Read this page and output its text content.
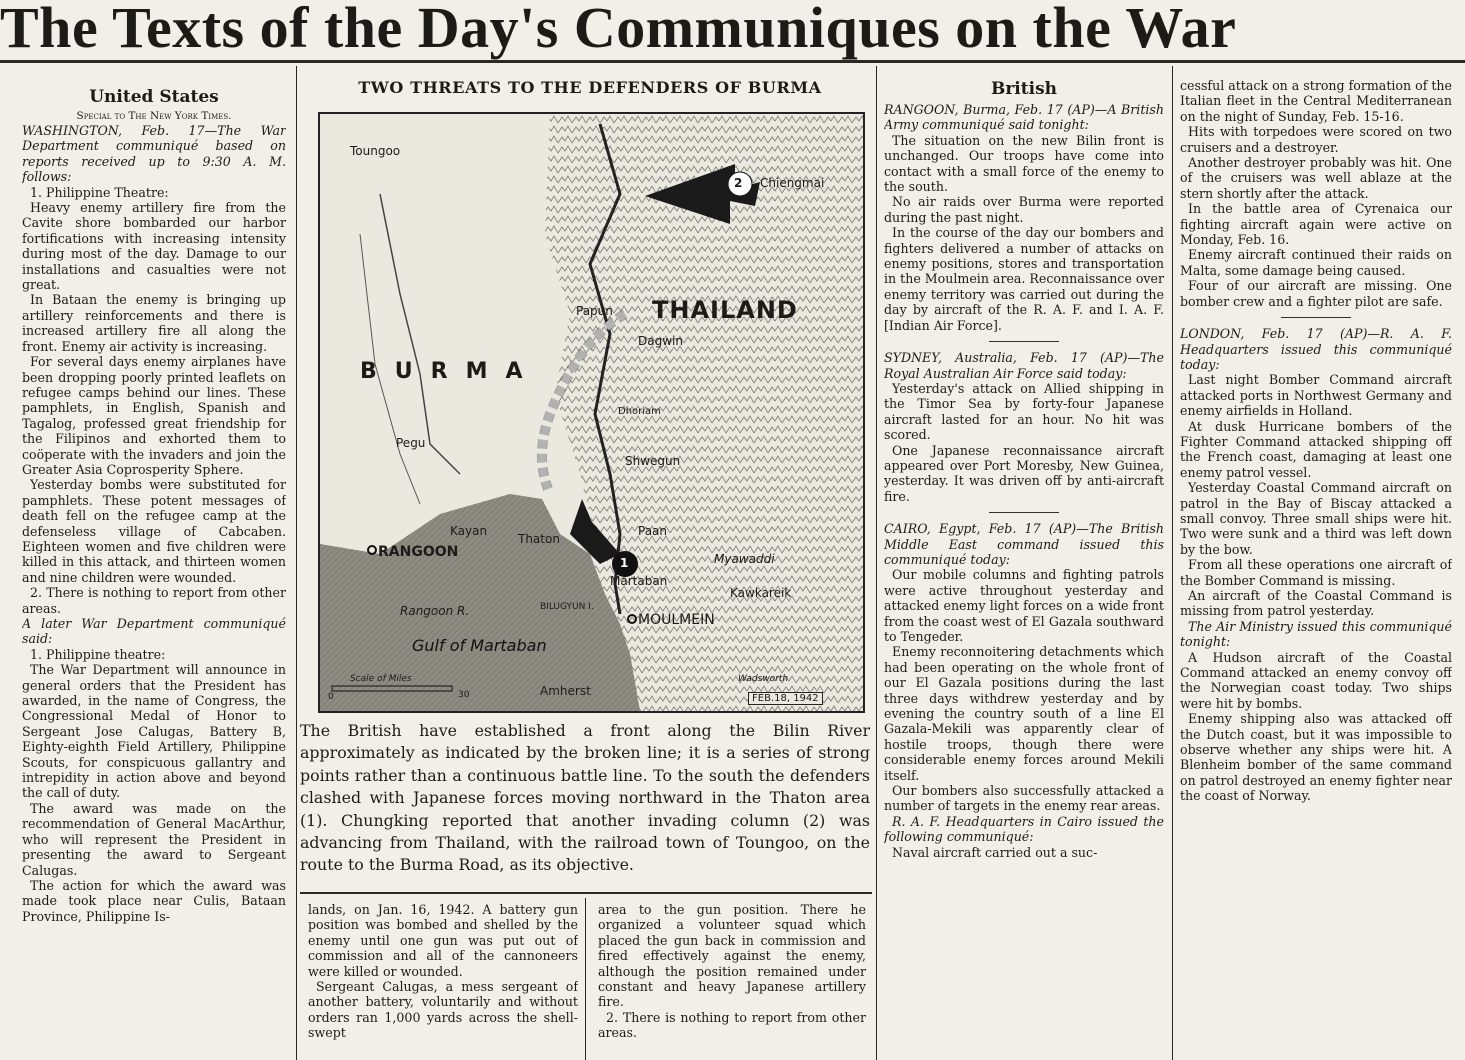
The Texts of the Day's Communiques on the War
United States

Special to The New York Times.

WASHINGTON, Feb. 17—The War Department communiqué based on reports received up to 9:30 A. M. follows:

1. Philippine Theatre:

Heavy enemy artillery fire from the Cavite shore bombarded our harbor fortifications with increasing intensity during most of the day. Damage to our installations and casualties were not great.

In Bataan the enemy is bringing up artillery reinforcements and there is increased artillery fire all along the front. Enemy air activity is increasing.

For several days enemy airplanes have been dropping poorly printed leaflets on refugee camps behind our lines. These pamphlets, in English, Spanish and Tagalog, professed great friendship for the Filipinos and exhorted them to coöperate with the invaders and join the Greater Asia Coprosperity Sphere.

Yesterday bombs were substituted for pamphlets. These potent messages of death fell on the refugee camp at the defenseless village of Cabcaben. Eighteen women and five children were killed in this attack, and thirteen women and nine children were wounded.

2. There is nothing to report from other areas.

A later War Department communiqué said:

1. Philippine theatre:

The War Department will announce in general orders that the President has awarded, in the name of Congress, the Congressional Medal of Honor to Sergeant Jose Calugas, Battery B, Eighty-eighth Field Artillery, Philippine Scouts, for conspicuous gallantry and intrepidity in action above and beyond the call of duty.

The award was made on the recommendation of General MacArthur, who will represent the President in presenting the award to Sergeant Calugas.

The action for which the award was made took place near Culis, Bataan Province, Philippine Is-

TWO THREATS TO THE DEFENDERS OF BURMA
Toungoo
Chiengmai
THAILAND
Papun
Dagwin
BURMA
Pegu
Dhoriam
Shwegun
Kayan
RANGOON
Thaton
Paan
Myawaddi
Martaban
Kawkareik
Rangoon R.	BILUGYUN I.
MOULMEIN
Gulf of Martaban
Amherst
Scale of Miles
0	30
Wadsworth
FEB.18, 1942
2
1
The British have established a front along the Bilin River approximately as indicated by the broken line; it is a series of strong points rather than a continuous battle line. To the south the defenders clashed with Japanese forces moving northward in the Thaton area (1). Chungking reported that another invading column (2) was advancing from Thailand, with the railroad town of Toungoo, on the route to the Burma Road, as its objective.

lands, on Jan. 16, 1942. A battery gun position was bombed and shelled by the enemy until one gun was put out of commission and all of the cannoneers were killed or wounded.

Sergeant Calugas, a mess sergeant of another battery, voluntarily and without orders ran 1,000 yards across the shell-swept

area to the gun position. There he organized a volunteer squad which placed the gun back in commission and fired effectively against the enemy, although the position remained under constant and heavy Japanese artillery fire.

2. There is nothing to report from other areas.

British

RANGOON, Burma, Feb. 17 (AP)—A British Army communiqué said tonight:

The situation on the new Bilin front is unchanged. Our troops have come into contact with a small force of the enemy to the south.

No air raids over Burma were reported during the past night.

In the course of the day our bombers and fighters delivered a number of attacks on enemy positions, stores and transportation in the Moulmein area. Reconnaissance over enemy territory was carried out during the day by aircraft of the R. A. F. and I. A. F. [Indian Air Force].

SYDNEY, Australia, Feb. 17 (AP)—The Royal Australian Air Force said today:

Yesterday's attack on Allied shipping in the Timor Sea by forty-four Japanese aircraft lasted for an hour. No hit was scored.

One Japanese reconnaissance aircraft appeared over Port Moresby, New Guinea, yesterday. It was driven off by anti-aircraft fire.

CAIRO, Egypt, Feb. 17 (AP)—The British Middle East command issued this communiqué today:

Our mobile columns and fighting patrols were active throughout yesterday and attacked enemy light forces on a wide front from the coast west of El Gazala southward to Tengeder.

Enemy reconnoitering detachments which had been operating on the whole front of our El Gazala positions during the last three days withdrew yesterday and by evening the country south of a line El Gazala-Mekili was apparently clear of hostile troops, though there were considerable enemy forces around Mekili itself.

Our bombers also successfully attacked a number of targets in the enemy rear areas.

R. A. F. Headquarters in Cairo issued the following communiqué:

Naval aircraft carried out a suc-

cessful attack on a strong formation of the Italian fleet in the Central Mediterranean on the night of Sunday, Feb. 15-16.

Hits with torpedoes were scored on two cruisers and a destroyer.

Another destroyer probably was hit. One of the cruisers was well ablaze at the stern shortly after the attack.

In the battle area of Cyrenaica our fighting aircraft again were active on Monday, Feb. 16.

Enemy aircraft continued their raids on Malta, some damage being caused.

Four of our aircraft are missing. One bomber crew and a fighter pilot are safe.

LONDON, Feb. 17 (AP)—R. A. F. Headquarters issued this communiqué today:

Last night Bomber Command aircraft attacked ports in Northwest Germany and enemy airfields in Holland.

At dusk Hurricane bombers of the Fighter Command attacked shipping off the French coast, damaging at least one enemy patrol vessel.

Yesterday Coastal Command aircraft on patrol in the Bay of Biscay attacked a small convoy. Three small ships were hit. Two were sunk and a third was left down by the bow.

From all these operations one aircraft of the Bomber Command is missing.

An aircraft of the Coastal Command is missing from patrol yesterday.

The Air Ministry issued this communiqué tonight:

A Hudson aircraft of the Coastal Command attacked an enemy convoy off the Norwegian coast today. Two ships were hit by bombs.

Enemy shipping also was attacked off the Dutch coast, but it was impossible to observe whether any ships were hit. A Blenheim bomber of the same command on patrol destroyed an enemy fighter near the coast of Norway.
